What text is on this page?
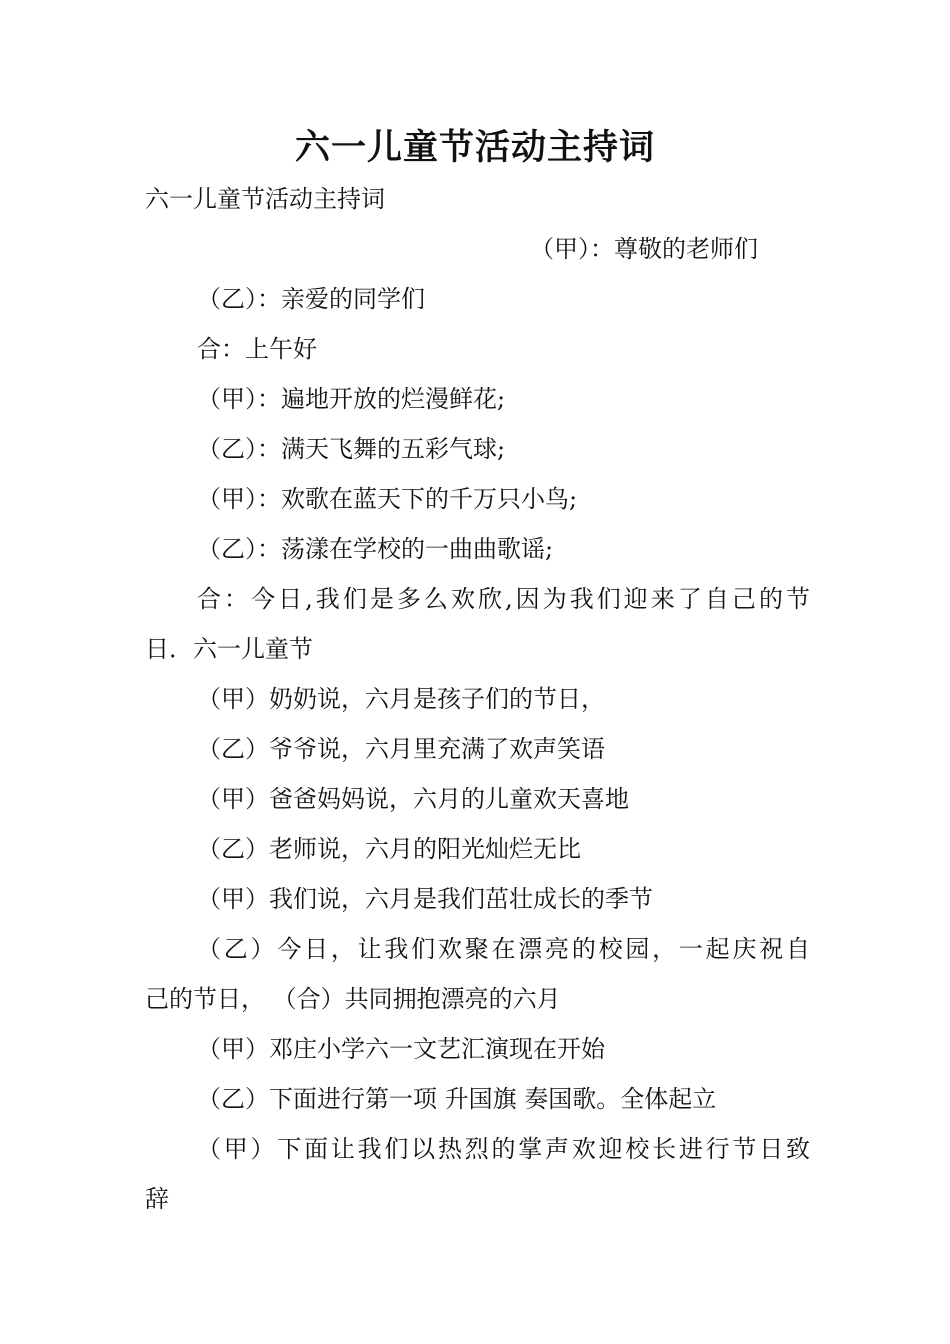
六一儿童节活动主持词
六一儿童节活动主持词
（甲）：尊敬的老师们
（乙）：亲爱的同学们
合：上午好
（甲）：遍地开放的烂漫鲜花;
（乙）：满天飞舞的五彩气球;
（甲）：欢歌在蓝天下的千万只小鸟;
（乙）：荡漾在学校的一曲曲歌谣;
合：今日,我们是多么欢欣,因为我们迎来了自己的节
日．六一儿童节
（甲）奶奶说，六月是孩子们的节日，
（乙）爷爷说，六月里充满了欢声笑语
（甲）爸爸妈妈说，六月的儿童欢天喜地
（乙）老师说，六月的阳光灿烂无比
（甲）我们说，六月是我们茁壮成长的季节
（乙）今日，让我们欢聚在漂亮的校园，一起庆祝自
己的节日， （合）共同拥抱漂亮的六月
（甲）邓庄小学六一文艺汇演现在开始
（乙）下面进行第一项 升国旗 奏国歌。全体起立
（甲）下面让我们以热烈的掌声欢迎校长进行节日致
辞
